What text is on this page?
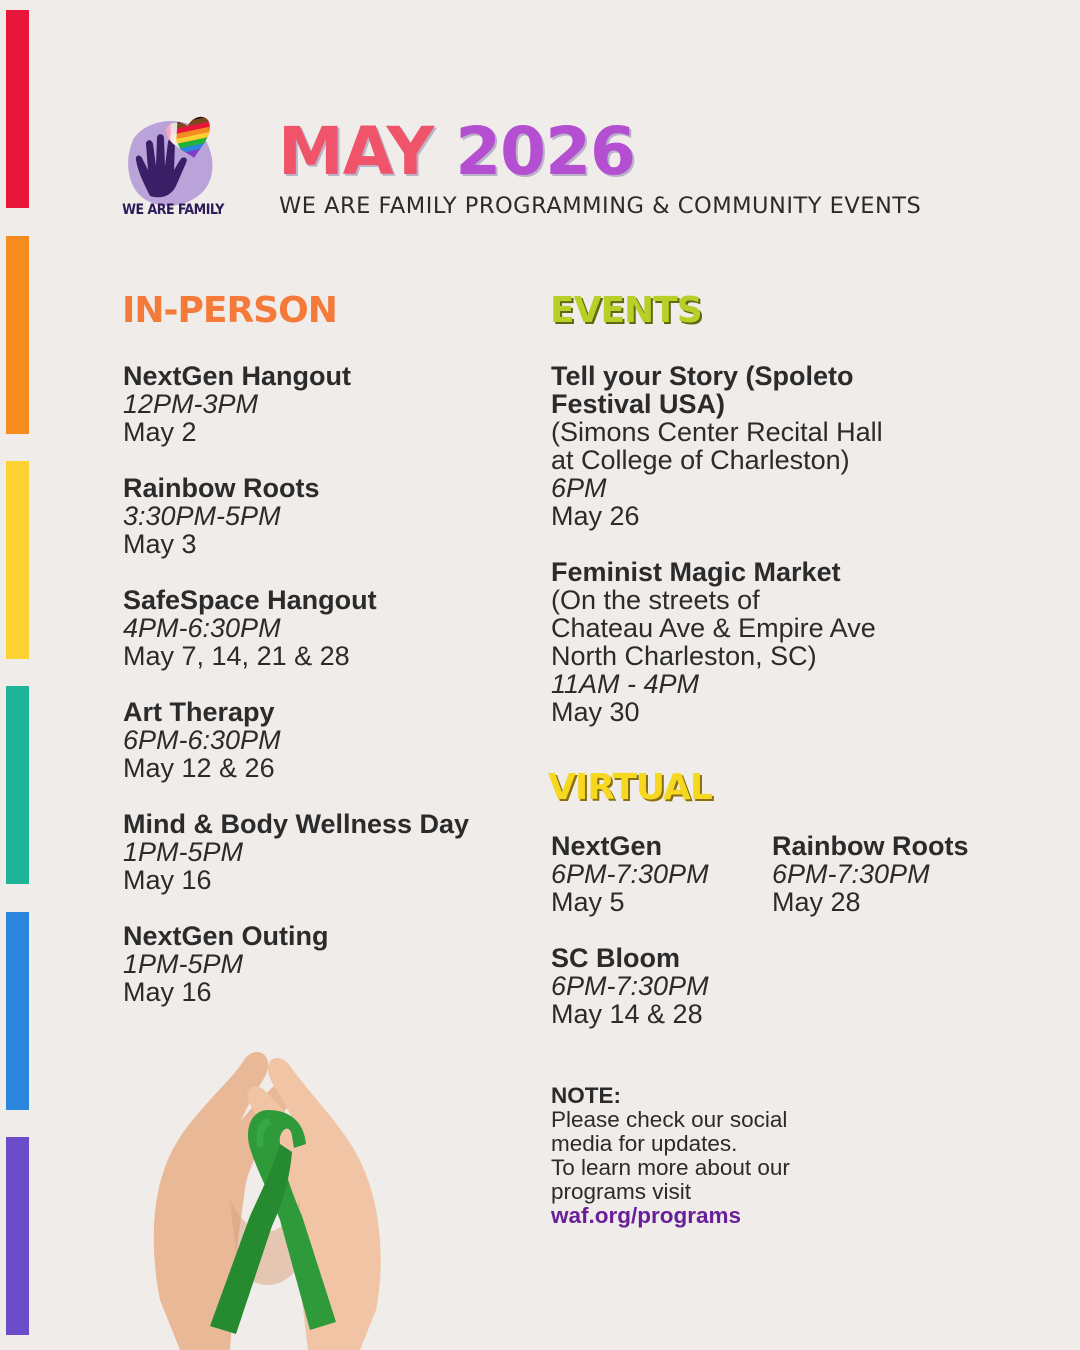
WE ARE FAMILY
MAY 2026

WE ARE FAMILY PROGRAMMING & COMMUNITY EVENTS

IN-PERSON
NextGen Hangout
12PM-3PM
May 2
Rainbow Roots
3:30PM-5PM
May 3
SafeSpace Hangout
4PM-6:30PM
May 7, 14, 21 & 28
Art Therapy
6PM-6:30PM
May 12 & 26
Mind & Body Wellness Day
1PM-5PM
May 16
NextGen Outing
1PM-5PM
May 16
EVENTS
Tell your Story (Spoleto
Festival USA)
(Simons Center Recital Hall
at College of Charleston)
6PM
May 26
Feminist Magic Market
(On the streets of
Chateau Ave & Empire Ave
North Charleston, SC)
11AM - 4PM
May 30
VIRTUAL
NextGen
6PM-7:30PM
May 5
Rainbow Roots
6PM-7:30PM
May 28
SC Bloom
6PM-7:30PM
May 14 & 28
NOTE:
Please check our social
media for updates.
To learn more about our
programs visit
waf.org/programs
